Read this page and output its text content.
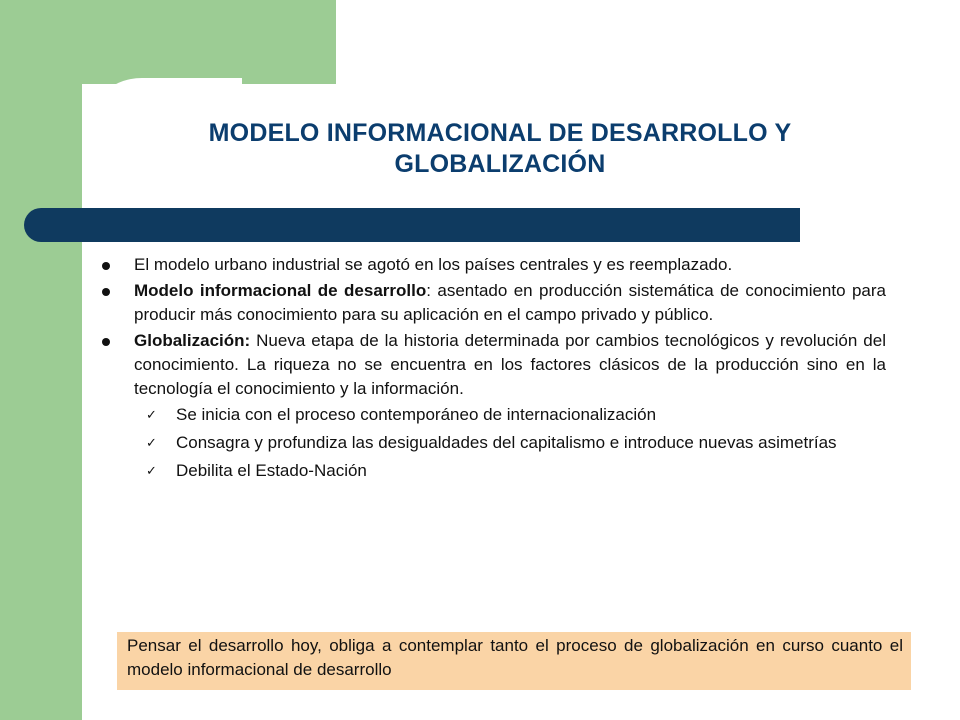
MODELO INFORMACIONAL DE DESARROLLO Y GLOBALIZACIÓN
El modelo urbano industrial se agotó en los países centrales y es reemplazado.
Modelo informacional de desarrollo: asentado en producción sistemática de conocimiento para producir más conocimiento para su aplicación en el campo privado y público.
Globalización: Nueva etapa de la historia determinada por cambios tecnológicos y revolución del conocimiento. La riqueza no se encuentra en los factores clásicos de la producción sino en la tecnología el conocimiento y la información.
✓ Se inicia con el proceso contemporáneo de internacionalización
✓ Consagra y profundiza las desigualdades del capitalismo e introduce nuevas asimetrías
✓ Debilita el Estado-Nación
Pensar el desarrollo hoy, obliga a contemplar tanto el proceso de globalización en curso cuanto el modelo informacional de desarrollo
